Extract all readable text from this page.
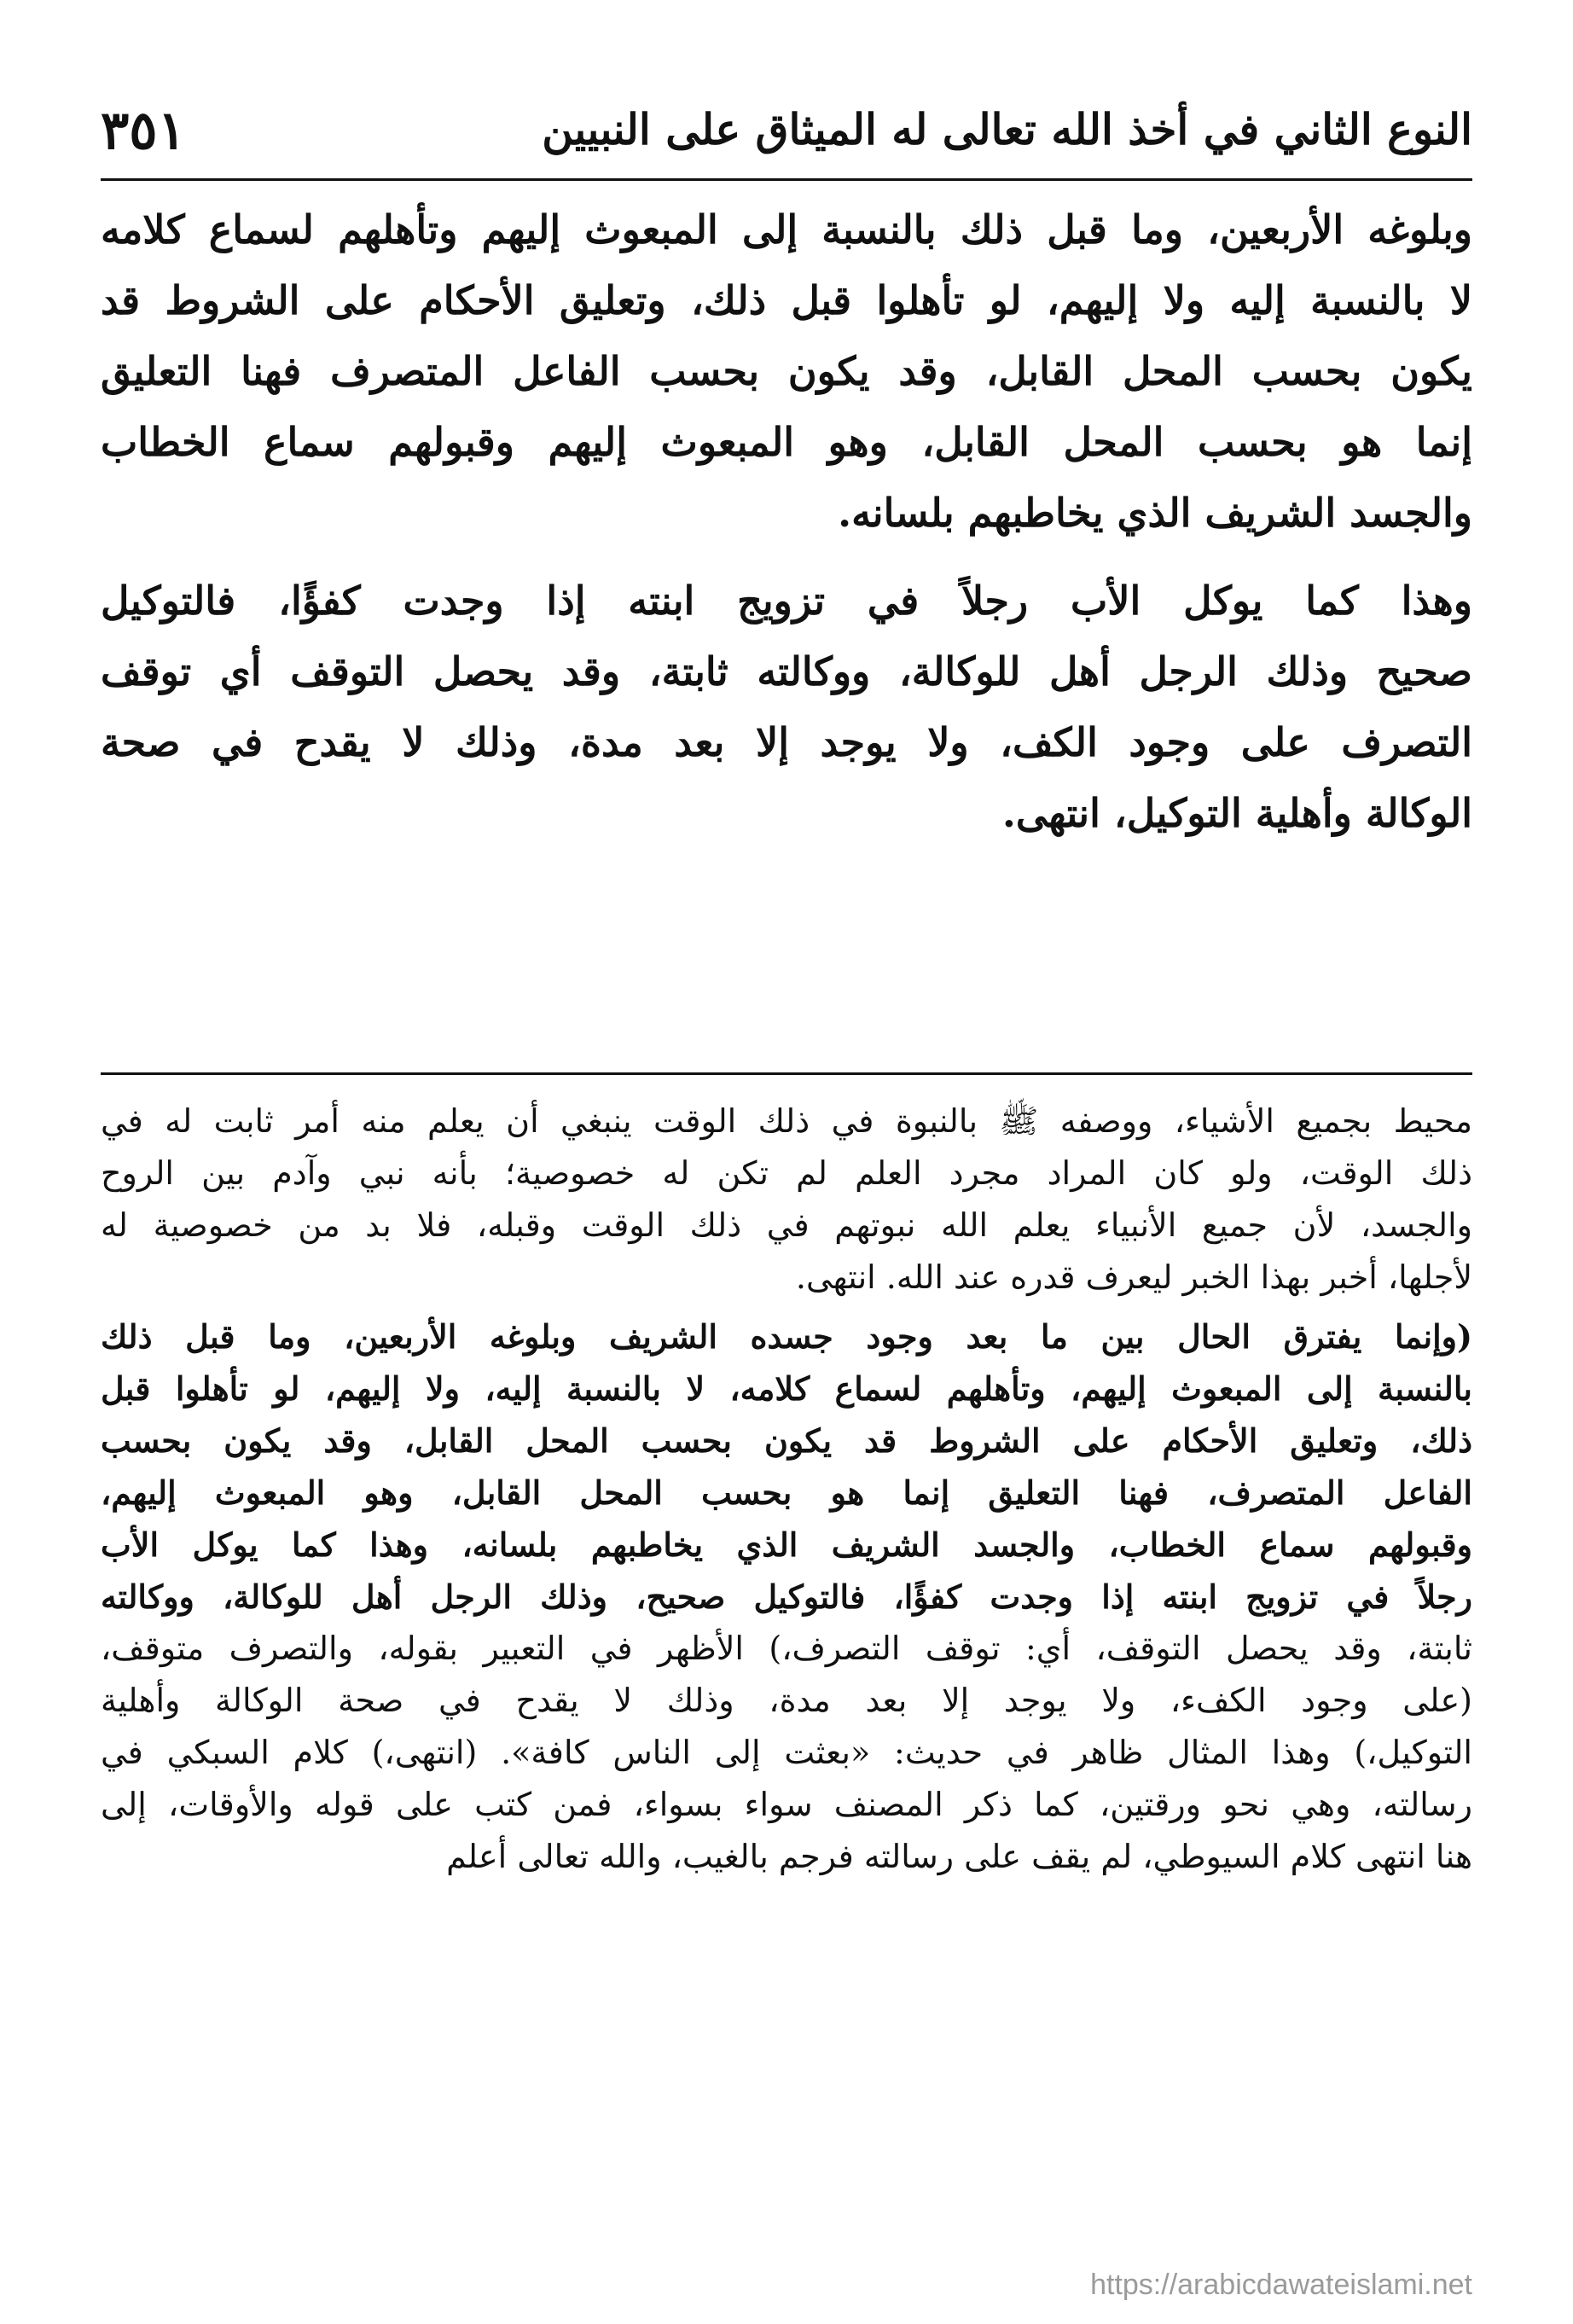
النوع الثاني في أخذ الله تعالى له الميثاق على النبيين
٣٥١
وبلوغه الأربعين، وما قبل ذلك بالنسبة إلى المبعوث إليهم وتأهلهم لسماع كلامه
لا بالنسبة إليه ولا إليهم، لو تأهلوا قبل ذلك، وتعليق الأحكام على الشروط قد
يكون بحسب المحل القابل، وقد يكون بحسب الفاعل المتصرف فهنا التعليق
إنما هو بحسب المحل القابل، وهو المبعوث إليهم وقبولهم سماع الخطاب
والجسد الشريف الذي يخاطبهم بلسانه.
وهذا كما يوكل الأب رجلاً في تزويج ابنته إذا وجدت كفؤًا، فالتوكيل
صحيح وذلك الرجل أهل للوكالة، ووكالته ثابتة، وقد يحصل التوقف أي توقف
التصرف على وجود الكف، ولا يوجد إلا بعد مدة، وذلك لا يقدح في صحة
الوكالة وأهلية التوكيل، انتهى.
محيط بجميع الأشياء، ووصفه ﷺ بالنبوة في ذلك الوقت ينبغي أن يعلم منه أمر ثابت له في
ذلك الوقت، ولو كان المراد مجرد العلم لم تكن له خصوصية؛ بأنه نبي وآدم بين الروح
والجسد، لأن جميع الأنبياء يعلم الله نبوتهم في ذلك الوقت وقبله، فلا بد من خصوصية له
لأجلها، أخبر بهذا الخبر ليعرف قدره عند الله. انتهى.
(وإنما يفترق الحال بين ما بعد وجود جسده الشريف وبلوغه الأربعين، وما قبل ذلك
بالنسبة إلى المبعوث إليهم، وتأهلهم لسماع كلامه، لا بالنسبة إليه، ولا إليهم، لو تأهلوا قبل
ذلك، وتعليق الأحكام على الشروط قد يكون بحسب المحل القابل، وقد يكون بحسب
الفاعل المتصرف، فهنا التعليق إنما هو بحسب المحل القابل، وهو المبعوث إليهم،
وقبولهم سماع الخطاب، والجسد الشريف الذي يخاطبهم بلسانه، وهذا كما يوكل الأب
رجلاً في تزويج ابنته إذا وجدت كفؤًا، فالتوكيل صحيح، وذلك الرجل أهل للوكالة، ووكالته
ثابتة، وقد يحصل التوقف، أي: توقف التصرف،) الأظهر في التعبير بقوله، والتصرف متوقف،
(على وجود الكفء، ولا يوجد إلا بعد مدة، وذلك لا يقدح في صحة الوكالة وأهلية
التوكيل،) وهذا المثال ظاهر في حديث: «بعثت إلى الناس كافة». (انتهى،) كلام السبكي في
رسالته، وهي نحو ورقتين، كما ذكر المصنف سواء بسواء، فمن كتب على قوله والأوقات، إلى
هنا انتهى كلام السيوطي، لم يقف على رسالته فرجم بالغيب، والله تعالى أعلم
https://arabicdawateislami.net
